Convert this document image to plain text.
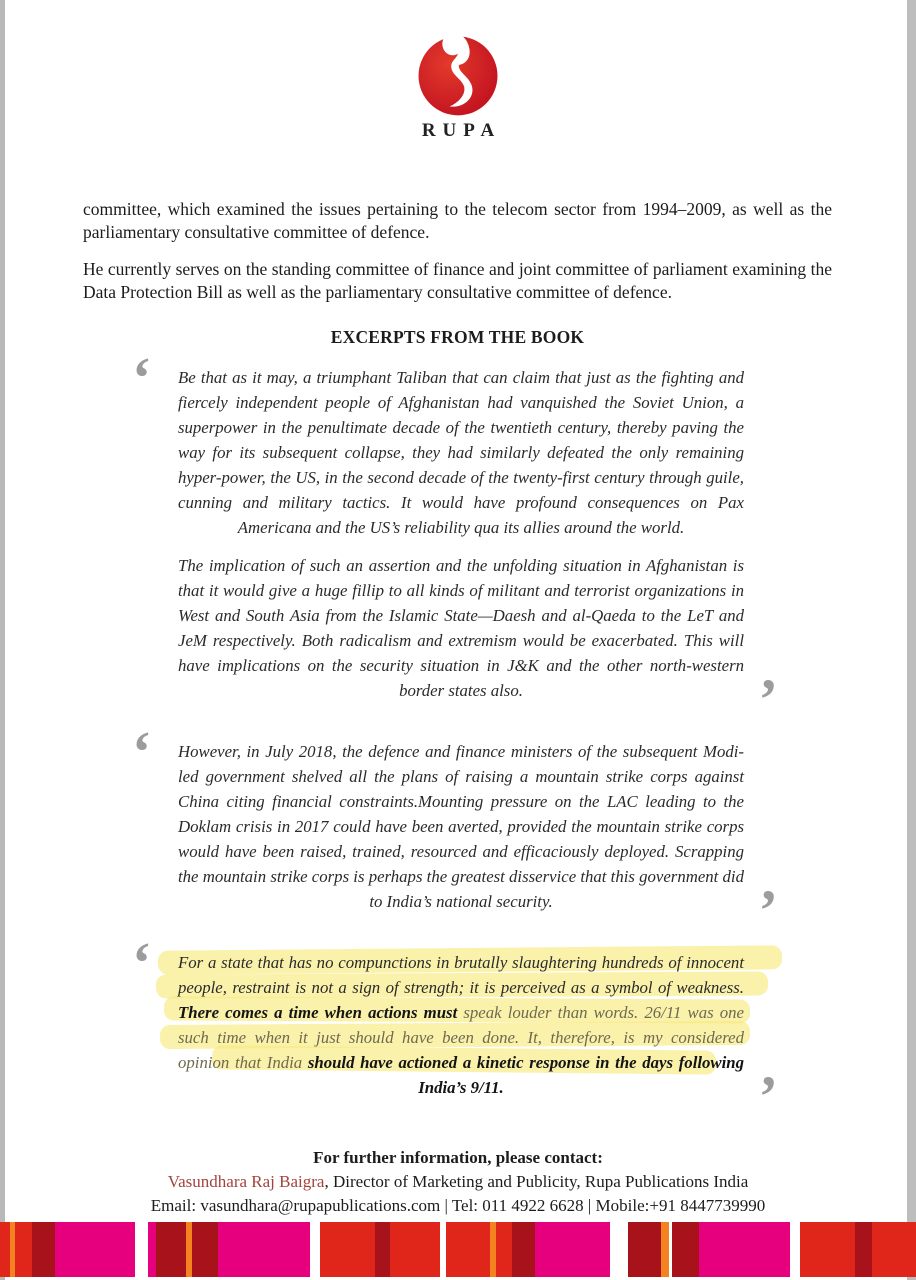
RUPA

committee, which examined the issues pertaining to the telecom sector from 1994–2009, as well as the parliamentary consultative committee of defence.

He currently serves on the standing committee of finance and joint committee of parliament examining the Data Protection Bill as well as the parliamentary consultative committee of defence.

EXCERPTS FROM THE BOOK
‘ Be that as it may, a triumphant Taliban that can claim that just as the fighting and fiercely independent people of Afghanistan had vanquished the Soviet Union, a superpower in the penultimate decade of the twentieth century, thereby paving the way for its subsequent collapse, they had similarly defeated the only remaining hyper-power, the US, in the second decade of the twenty-first century through guile, cunning and military tactics. It would have profound consequences on Pax Americana and the US’s reliability qua its allies around the world.

The implication of such an assertion and the unfolding situation in Afghanistan is that it would give a huge fillip to all kinds of militant and terrorist organizations in West and South Asia from the Islamic State—Daesh and al-Qaeda to the LeT and JeM respectively. Both radicalism and extremism would be exacerbated. This will have implications on the security situation in J&K and the other north-western border states also.	’
‘ However, in July 2018, the defence and finance ministers of the subsequent Modi-led government shelved all the plans of raising a mountain strike corps against China citing financial constraints.Mounting pressure on the LAC leading to the Doklam crisis in 2017 could have been averted, provided the mountain strike corps would have been raised, trained, resourced and efficaciously deployed. Scrapping the mountain strike corps is perhaps the greatest disservice that this government did to India’s national security.	’
‘ For a state that has no compunctions in brutally slaughtering hundreds of innocent people, restraint is not a sign of strength; it is perceived as a symbol of weakness. There comes a time when actions must speak louder than words. 26/11 was one such time when it just should have been done. It, therefore, is my considered opinion that India should have actioned a kinetic response in the days following India’s 9/11.	’
For further information, please contact:
Vasundhara Raj Baigra, Director of Marketing and Publicity, Rupa Publications India
Email: vasundhara@rupapublications.com | Tel: 011 4922 6628 | Mobile:+91 8447739990
